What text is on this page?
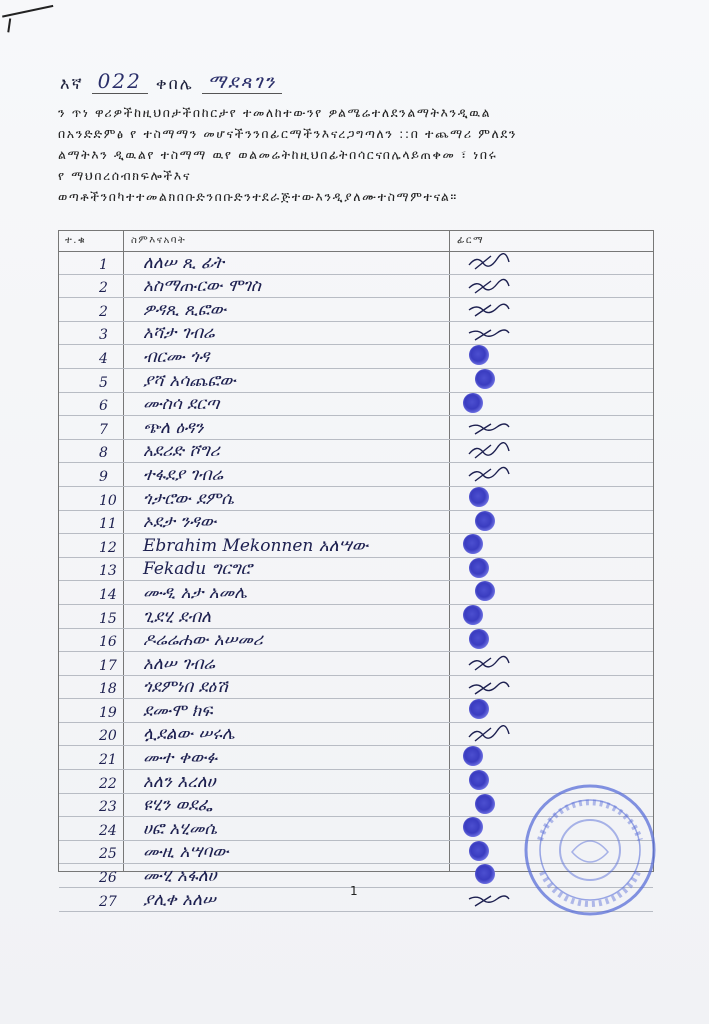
እኛ 022 ቀበሌ ማደጻገን

ን ጥነ ዋሪዎችከዚህበታችበከርታየ ተመለከተውንየ ዎልሜሬተለደንልማትእንዲዉል

በአንድድምፅ የ ተስማማን መሆናችንንበፊርማችንእናረጋግጣለን ::በ ተጨማሪ ምለደን

ልማትእን ዲዉልየ ተስማማ ዉየ ወልመሬትከዚህበፊትበሳርናበሌላይጠቀመ ፣ ነበሩ

የ ማህበረሰብክፍሎችእና

ወጣቶችንበካተተመልክበቡድንበቡድንተደራጅተውእንዲያለሙተስማምተናል።

ተ.ቁ	ስምእናአባት	ፊርማ
1	ለለሠ ጺ ፊት
2	አስማጡርው ሞገስ
2	ዎዳጺ ጺፎው
3	አሻታ ገብሬ
4	ብርሙ ጎዳ
5	ያሻ አሳጨፎው
6	ሙስሳ ደርጣ
7	ጭለ ዕዳን
8	አደሪድ ሾግሪ
9	ተፋደያ ገብሬ
10	ጎታሮው ደምሴ
11	ኦደታ ንዳው
12	Ebrahim Mekonnen አለሣው
13	Fekadu ግርግሮ
14	ሙዲ አታ አመሌ
15	ጊደሂ ደብለ
16	ዶሬሬሐው አሠመሪ
17	አለሠ ገብሬ
18	ጎደምነበ ደዕሽ
19	ደሙሞ ክፍ
20	ሏደልው ሠሩሌ
21	ሙተ ቀውፉ
22	አለን እረለሀ
23	ዩሂን ወደፌ
24	ሀፎ አሂመሴ
25	ሙዚ አሣባው
26	ሙሂ አፋለሀ
27	ያሊቀ አለሠ	1
